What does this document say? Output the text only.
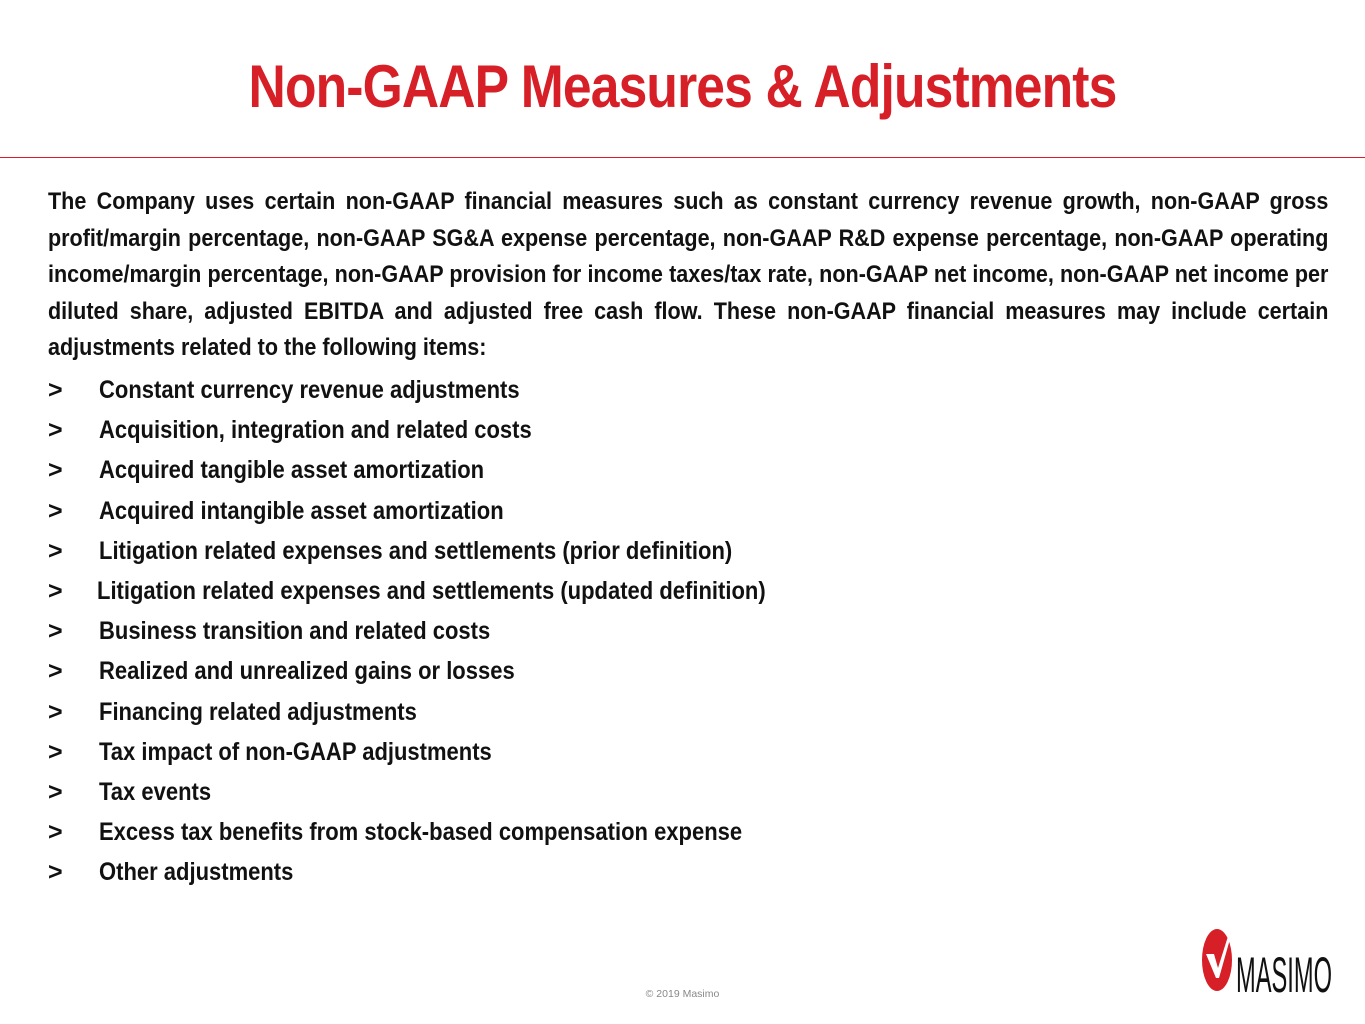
Non-GAAP Measures & Adjustments
The Company uses certain non-GAAP financial measures such as constant currency revenue growth, non-GAAP gross profit/margin percentage, non-GAAP SG&A expense percentage, non-GAAP R&D expense percentage, non-GAAP operating income/margin percentage, non-GAAP provision for income taxes/tax rate, non-GAAP net income, non-GAAP net income per diluted share, adjusted EBITDA and adjusted free cash flow. These non-GAAP financial measures may include certain adjustments related to the following items:
>	Constant currency revenue adjustments
>	Acquisition, integration and related costs
>	Acquired tangible asset amortization
>	Acquired intangible asset amortization
>	Litigation related expenses and settlements (prior definition)
>	Litigation related expenses and settlements (updated definition)
>	Business transition and related costs
>	Realized and unrealized gains or losses
>	Financing related adjustments
>	Tax impact of non-GAAP adjustments
>	Tax events
>	Excess tax benefits from stock-based compensation expense
>	Other adjustments
© 2019 Masimo	MASIMO
